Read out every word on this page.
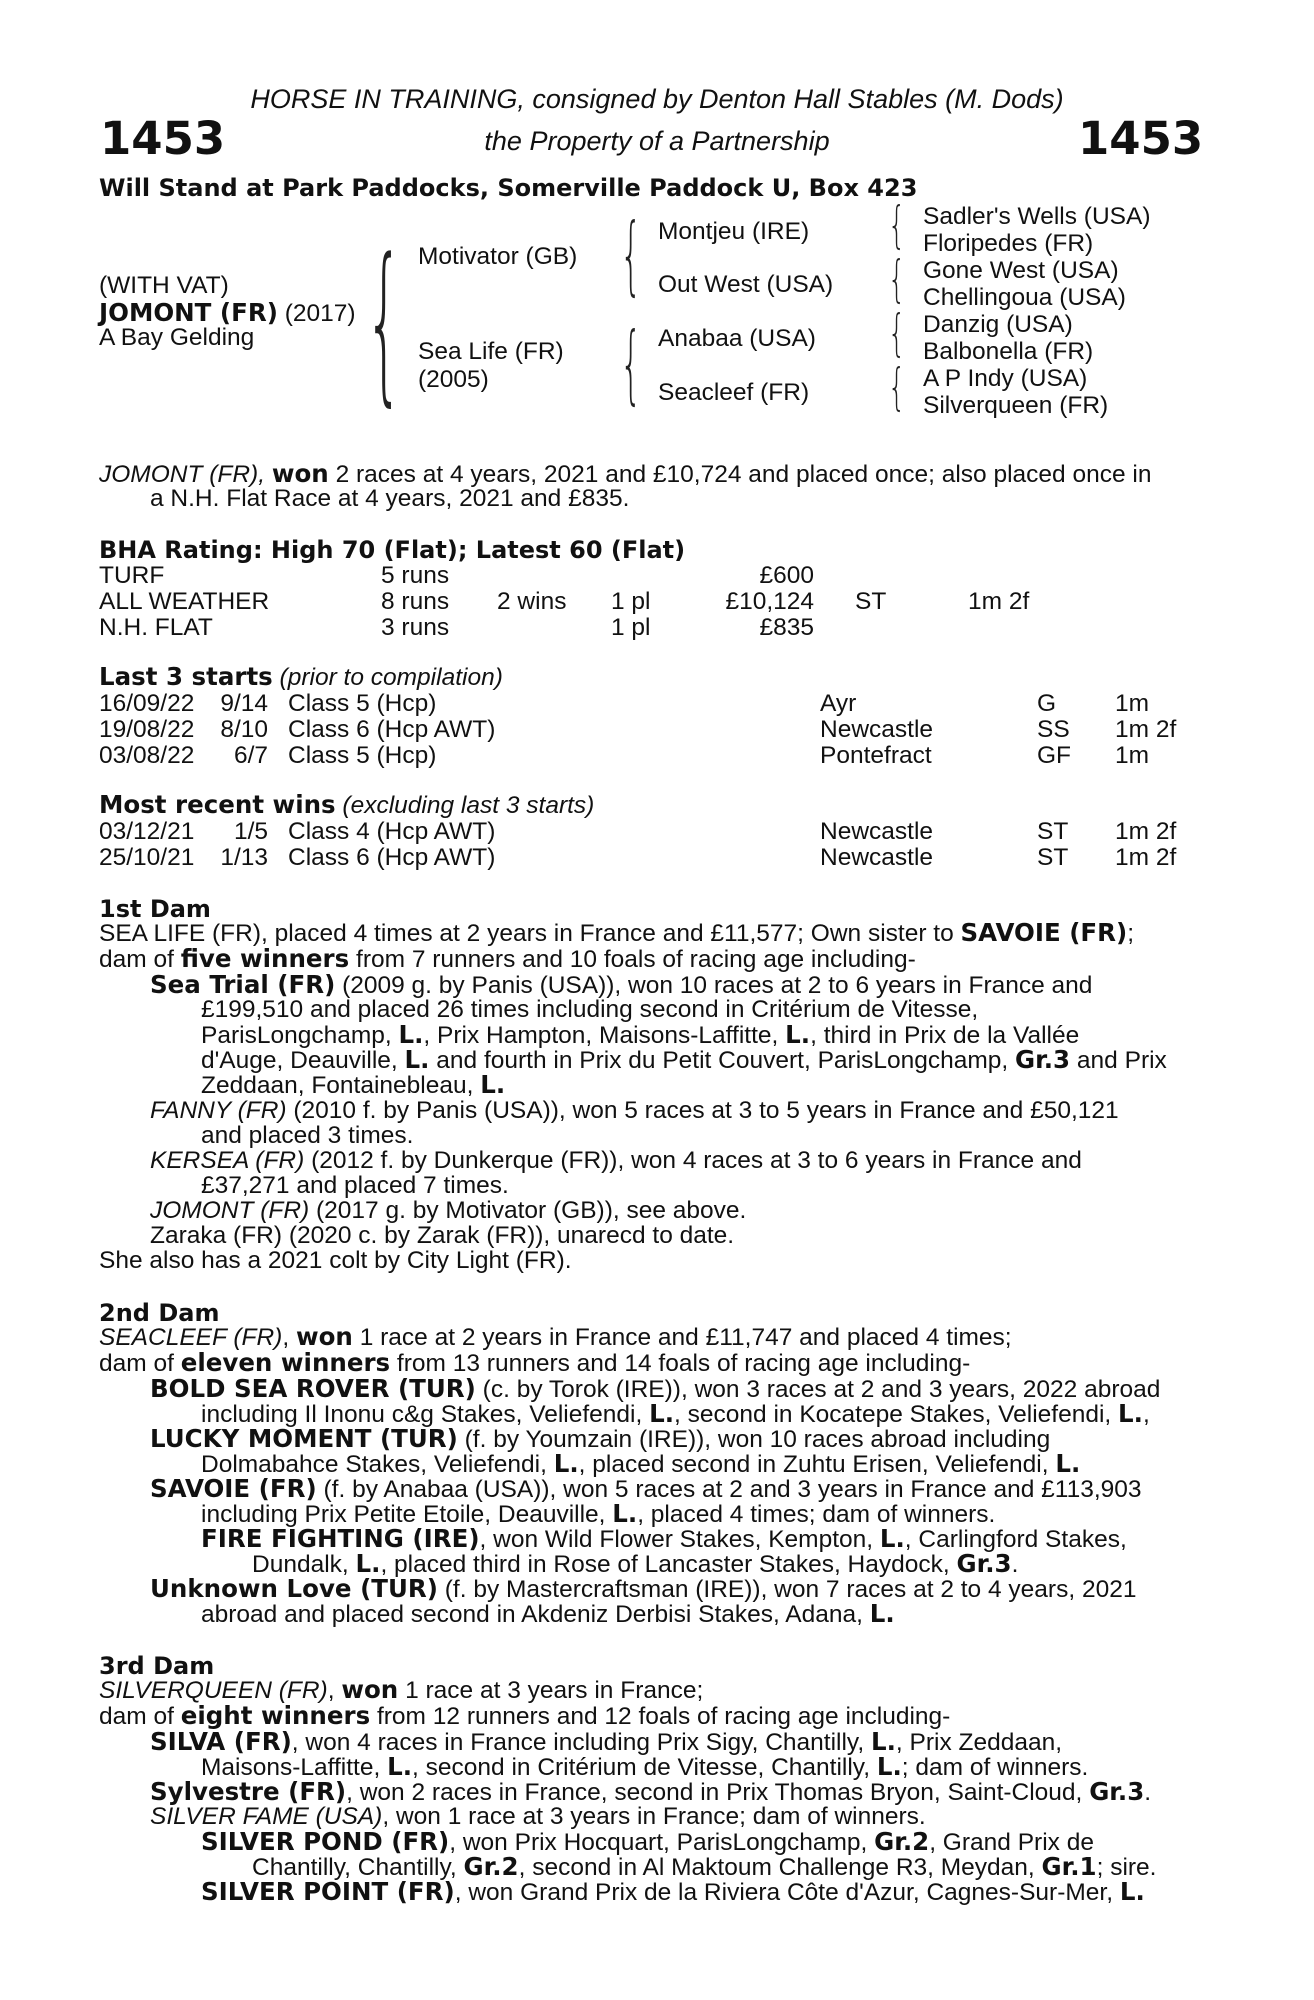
1453	1453
HORSE IN TRAINING, consigned by Denton Hall Stables (M. Dods)
the Property of a Partnership
Will Stand at Park Paddocks, Somerville Paddock U, Box 423
(WITH VAT)
JOMONT (FR) (2017)
A Bay Gelding { Motivator (GB)
Sea Life (FR)
(2005)
{
{
Montjeu (IRE)
Out West (USA)
Anabaa (USA)
Seacleef (FR)
{
{
{
{
Sadler's Wells (USA)
Floripedes (FR)
Gone West (USA)
Chellingoua (USA)
Danzig (USA)
Balbonella (FR)
A P Indy (USA)
Silverqueen (FR)
JOMONT (FR), won 2 races at 4 years, 2021 and £10,724 and placed once; also placed once in
a N.H. Flat Race at 4 years, 2021 and £835.
BHA Rating: High 70 (Flat); Latest 60 (Flat)
TURF	5 runs	£600
ALL WEATHER	8 runs 2 wins 1 pl	£10,124 ST	1m 2f
N.H. FLAT	3 runs	1 pl	£835
Last 3 starts (prior to compilation)
16/09/22 9/14 Class 5 (Hcp)	Ayr	G 1m
19/08/22 8/10 Class 6 (Hcp AWT)	Newcastle	SS 1m 2f
03/08/22	6/7 Class 5 (Hcp)	Pontefract	GF 1m
Most recent wins (excluding last 3 starts)
03/12/21	1/5 Class 4 (Hcp AWT)	Newcastle	ST 1m 2f
25/10/21 1/13 Class 6 (Hcp AWT)	Newcastle	ST 1m 2f
1st Dam
SEA LIFE (FR), placed 4 times at 2 years in France and £11,577; Own sister to SAVOIE (FR);
dam of five winners from 7 runners and 10 foals of racing age including-
Sea Trial (FR) (2009 g. by Panis (USA)), won 10 races at 2 to 6 years in France and
£199,510 and placed 26 times including second in Critérium de Vitesse,
ParisLongchamp, L., Prix Hampton, Maisons-Laffitte, L., third in Prix de la Vallée
d'Auge, Deauville, L. and fourth in Prix du Petit Couvert, ParisLongchamp, Gr.3 and Prix
Zeddaan, Fontainebleau, L.
FANNY (FR) (2010 f. by Panis (USA)), won 5 races at 3 to 5 years in France and £50,121
and placed 3 times.
KERSEA (FR) (2012 f. by Dunkerque (FR)), won 4 races at 3 to 6 years in France and
£37,271 and placed 7 times.
JOMONT (FR) (2017 g. by Motivator (GB)), see above.
Zaraka (FR) (2020 c. by Zarak (FR)), unarecd to date.
She also has a 2021 colt by City Light (FR).
2nd Dam
SEACLEEF (FR), won 1 race at 2 years in France and £11,747 and placed 4 times;
dam of eleven winners from 13 runners and 14 foals of racing age including-
BOLD SEA ROVER (TUR) (c. by Torok (IRE)), won 3 races at 2 and 3 years, 2022 abroad
including Il Inonu c&g Stakes, Veliefendi, L., second in Kocatepe Stakes, Veliefendi, L.,
LUCKY MOMENT (TUR) (f. by Youmzain (IRE)), won 10 races abroad including
Dolmabahce Stakes, Veliefendi, L., placed second in Zuhtu Erisen, Veliefendi, L.
SAVOIE (FR) (f. by Anabaa (USA)), won 5 races at 2 and 3 years in France and £113,903
including Prix Petite Etoile, Deauville, L., placed 4 times; dam of winners.
FIRE FIGHTING (IRE), won Wild Flower Stakes, Kempton, L., Carlingford Stakes,
Dundalk, L., placed third in Rose of Lancaster Stakes, Haydock, Gr.3.
Unknown Love (TUR) (f. by Mastercraftsman (IRE)), won 7 races at 2 to 4 years, 2021
abroad and placed second in Akdeniz Derbisi Stakes, Adana, L.
3rd Dam
SILVERQUEEN (FR), won 1 race at 3 years in France;
dam of eight winners from 12 runners and 12 foals of racing age including-
SILVA (FR), won 4 races in France including Prix Sigy, Chantilly, L., Prix Zeddaan,
Maisons-Laffitte, L., second in Critérium de Vitesse, Chantilly, L.; dam of winners.
Sylvestre (FR), won 2 races in France, second in Prix Thomas Bryon, Saint-Cloud, Gr.3.
SILVER FAME (USA), won 1 race at 3 years in France; dam of winners.
SILVER POND (FR), won Prix Hocquart, ParisLongchamp, Gr.2, Grand Prix de
Chantilly, Chantilly, Gr.2, second in Al Maktoum Challenge R3, Meydan, Gr.1; sire.
SILVER POINT (FR), won Grand Prix de la Riviera Côte d'Azur, Cagnes-Sur-Mer, L.
